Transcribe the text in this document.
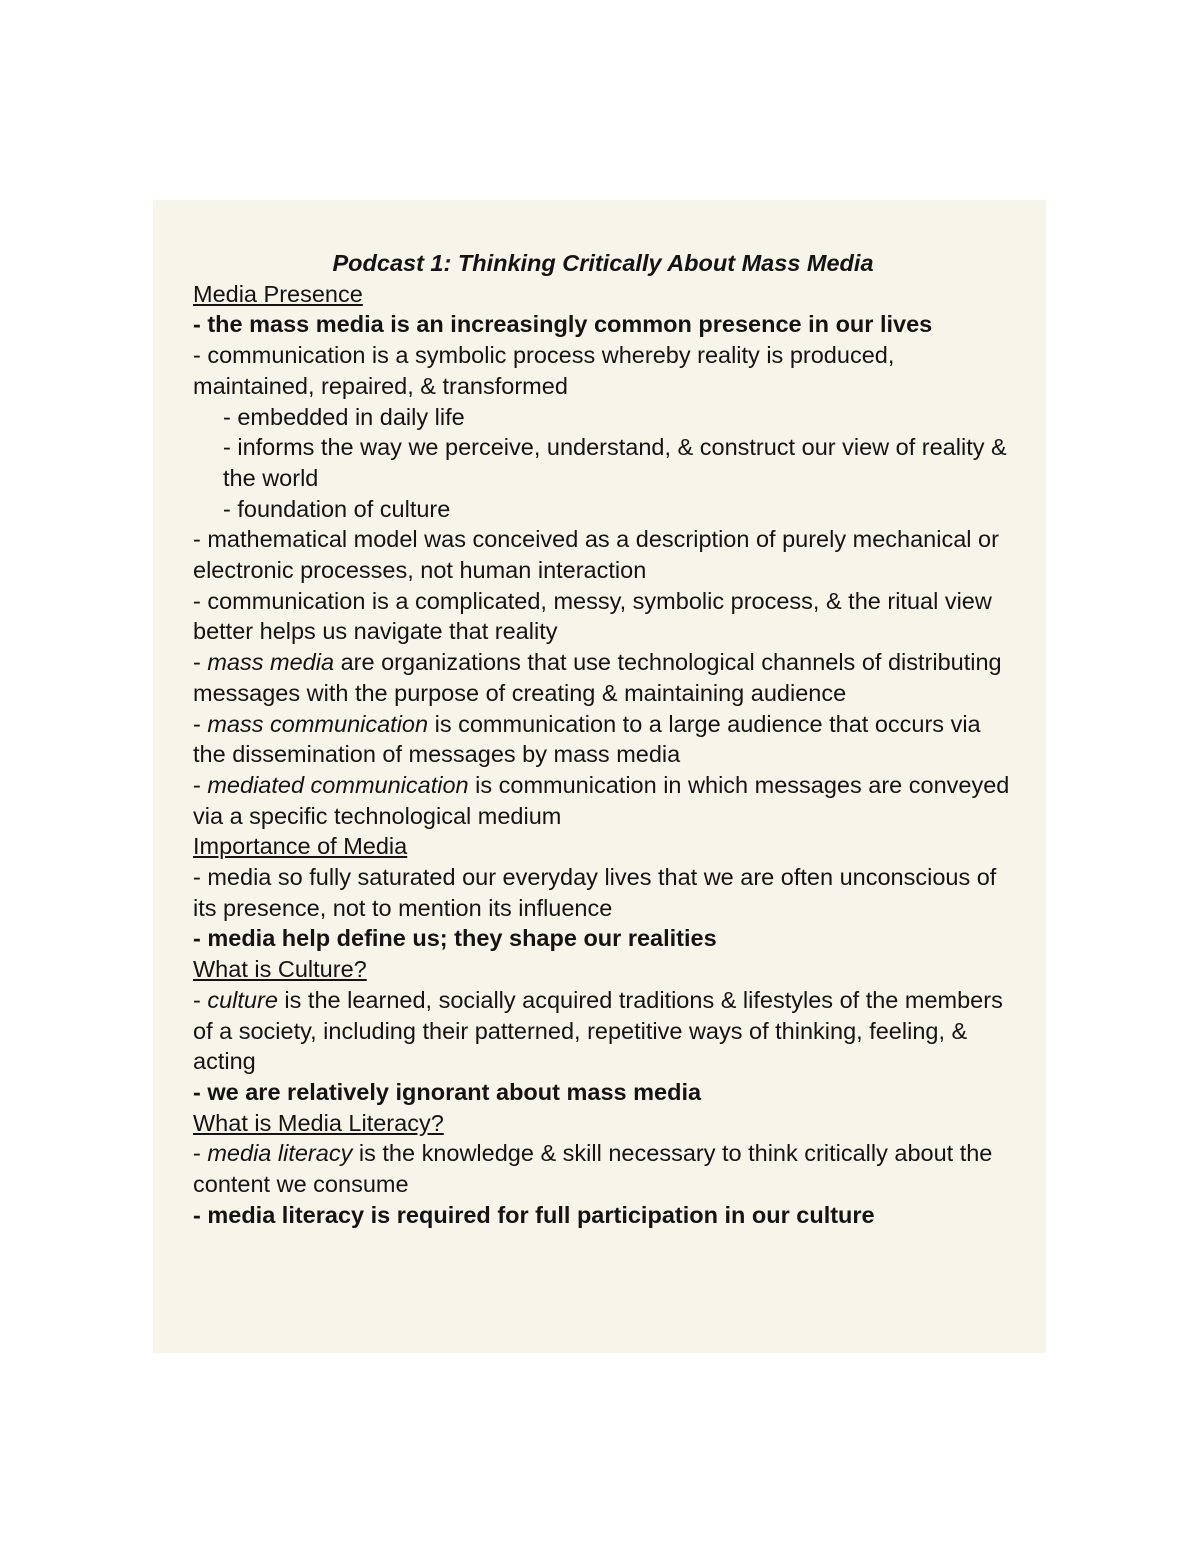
Podcast 1: Thinking Critically About Mass Media

Media Presence

- the mass media is an increasingly common presence in our lives

- communication is a symbolic process whereby reality is produced, maintained, repaired, & transformed

- embedded in daily life

- informs the way we perceive, understand, & construct our view of reality & the world

- foundation of culture

- mathematical model was conceived as a description of purely mechanical or electronic processes, not human interaction

- communication is a complicated, messy, symbolic process, & the ritual view better helps us navigate that reality

- mass media are organizations that use technological channels of distributing messages with the purpose of creating & maintaining audience

- mass communication is communication to a large audience that occurs via the dissemination of messages by mass media

- mediated communication is communication in which messages are conveyed via a specific technological medium

Importance of Media

- media so fully saturated our everyday lives that we are often unconscious of its presence, not to mention its influence

- media help define us; they shape our realities

What is Culture?

- culture is the learned, socially acquired traditions & lifestyles of the members of a society, including their patterned, repetitive ways of thinking, feeling, & acting

- we are relatively ignorant about mass media

What is Media Literacy?

- media literacy is the knowledge & skill necessary to think critically about the content we consume

- media literacy is required for full participation in our culture
